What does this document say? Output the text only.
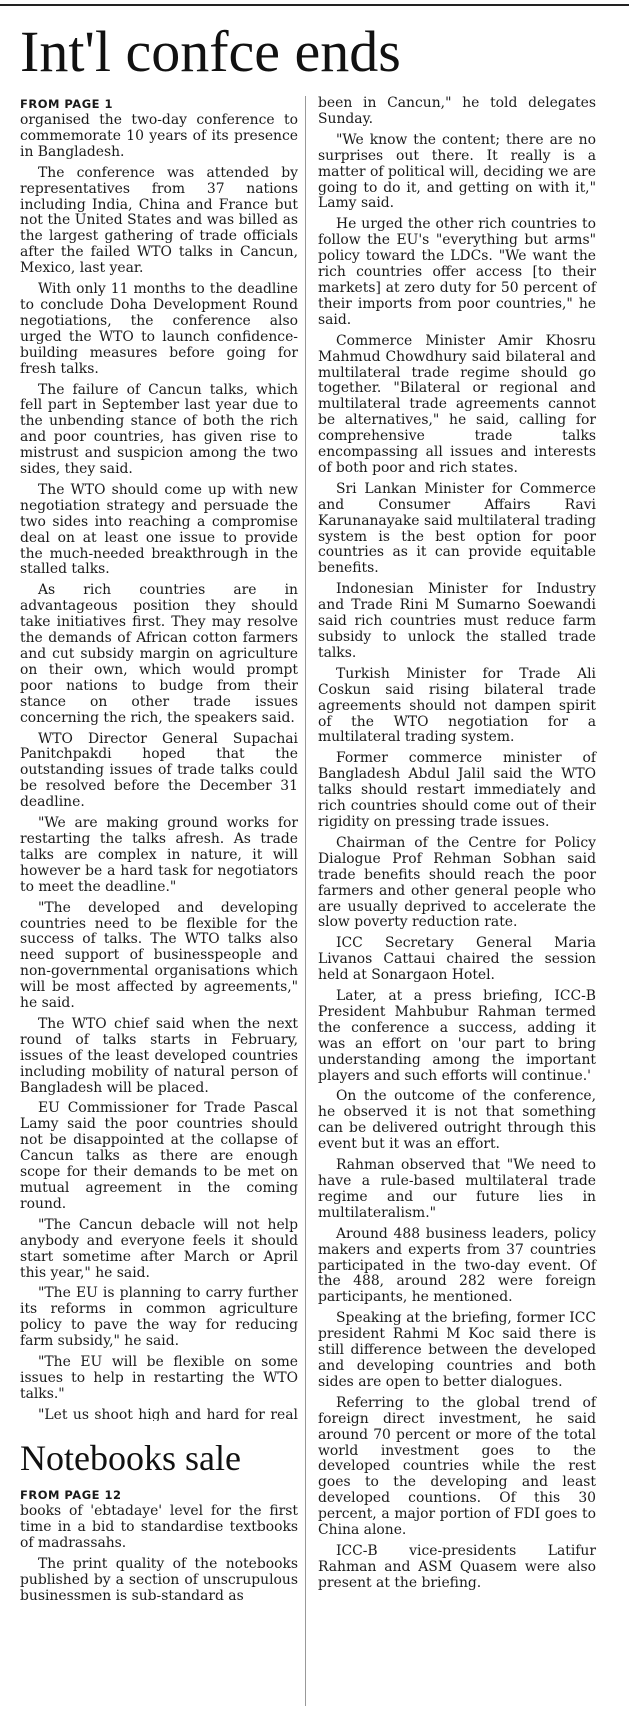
Int'l confce ends
FROM PAGE 1

organised the two-day conference to commemorate 10 years of its presence in Bangladesh.

The conference was attended by representatives from 37 nations including India, China and France but not the United States and was billed as the largest gathering of trade officials after the failed WTO talks in Cancun, Mexico, last year.

With only 11 months to the deadline to conclude Doha Development Round negotiations, the conference also urged the WTO to launch confidence-building measures before going for fresh talks.

The failure of Cancun talks, which fell part in September last year due to the unbending stance of both the rich and poor countries, has given rise to mistrust and suspicion among the two sides, they said.

The WTO should come up with new negotiation strategy and persuade the two sides into reaching a compromise deal on at least one issue to provide the much-needed breakthrough in the stalled talks.

As rich countries are in advantageous position they should take initiatives first. They may resolve the demands of African cotton farmers and cut subsidy margin on agriculture on their own, which would prompt poor nations to budge from their stance on other trade issues concerning the rich, the speakers said.

WTO Director General Supachai Panitchpakdi hoped that the outstanding issues of trade talks could be resolved before the December 31 deadline.

"We are making ground works for restarting the talks afresh. As trade talks are complex in nature, it will however be a hard task for negotiators to meet the deadline."

"The developed and developing countries need to be flexible for the success of talks. The WTO talks also need support of businesspeople and non-governmental organisations which will be most affected by agreements," he said.

The WTO chief said when the next round of talks starts in February, issues of the least developed countries including mobility of natural person of Bangladesh will be placed.

EU Commissioner for Trade Pascal Lamy said the poor countries should not be disappointed at the collapse of Cancun talks as there are enough scope for their demands to be met on mutual agreement in the coming round.

"The Cancun debacle will not help anybody and everyone feels it should start sometime after March or April this year," he said.

"The EU is planning to carry further its reforms in common agriculture policy to pave the way for reducing farm subsidy," he said.

"The EU will be flexible on some issues to help in restarting the WTO talks."

"Let us shoot high and hard for real

Notebooks sale
FROM PAGE 12

books of 'ebtadaye' level for the first time in a bid to standardise textbooks of madrassahs.

The print quality of the notebooks published by a section of unscrupulous businessmen is sub-standard as

been in Cancun," he told delegates Sunday.

"We know the content; there are no surprises out there. It really is a matter of political will, deciding we are going to do it, and getting on with it," Lamy said.

He urged the other rich countries to follow the EU's "everything but arms" policy toward the LDCs. "We want the rich countries offer access [to their markets] at zero duty for 50 percent of their imports from poor countries," he said.

Commerce Minister Amir Khosru Mahmud Chowdhury said bilateral and multilateral trade regime should go together. "Bilateral or regional and multilateral trade agreements cannot be alternatives," he said, calling for comprehensive trade talks encompassing all issues and interests of both poor and rich states.

Sri Lankan Minister for Commerce and Consumer Affairs Ravi Karunanayake said multilateral trading system is the best option for poor countries as it can provide equitable benefits.

Indonesian Minister for Industry and Trade Rini M Sumarno Soewandi said rich countries must reduce farm subsidy to unlock the stalled trade talks.

Turkish Minister for Trade Ali Coskun said rising bilateral trade agreements should not dampen spirit of the WTO negotiation for a multilateral trading system.

Former commerce minister of Bangladesh Abdul Jalil said the WTO talks should restart immediately and rich countries should come out of their rigidity on pressing trade issues.

Chairman of the Centre for Policy Dialogue Prof Rehman Sobhan said trade benefits should reach the poor farmers and other general people who are usually deprived to accelerate the slow poverty reduction rate.

ICC Secretary General Maria Livanos Cattaui chaired the session held at Sonargaon Hotel.

Later, at a press briefing, ICC-B President Mahbubur Rahman termed the conference a success, adding it was an effort on 'our part to bring understanding among the important players and such efforts will continue.'

On the outcome of the conference, he observed it is not that something can be delivered outright through this event but it was an effort.

Rahman observed that "We need to have a rule-based multilateral trade regime and our future lies in multilateralism."

Around 488 business leaders, policy makers and experts from 37 countries participated in the two-day event. Of the 488, around 282 were foreign participants, he mentioned.

Speaking at the briefing, former ICC president Rahmi M Koc said there is still difference between the developed and developing countries and both sides are open to better dialogues.

Referring to the global trend of foreign direct investment, he said around 70 percent or more of the total world investment goes to the developed countries while the rest goes to the developing and least developed countions. Of this 30 percent, a major portion of FDI goes to China alone.

ICC-B vice-presidents Latifur Rahman and ASM Quasem were also present at the briefing.
